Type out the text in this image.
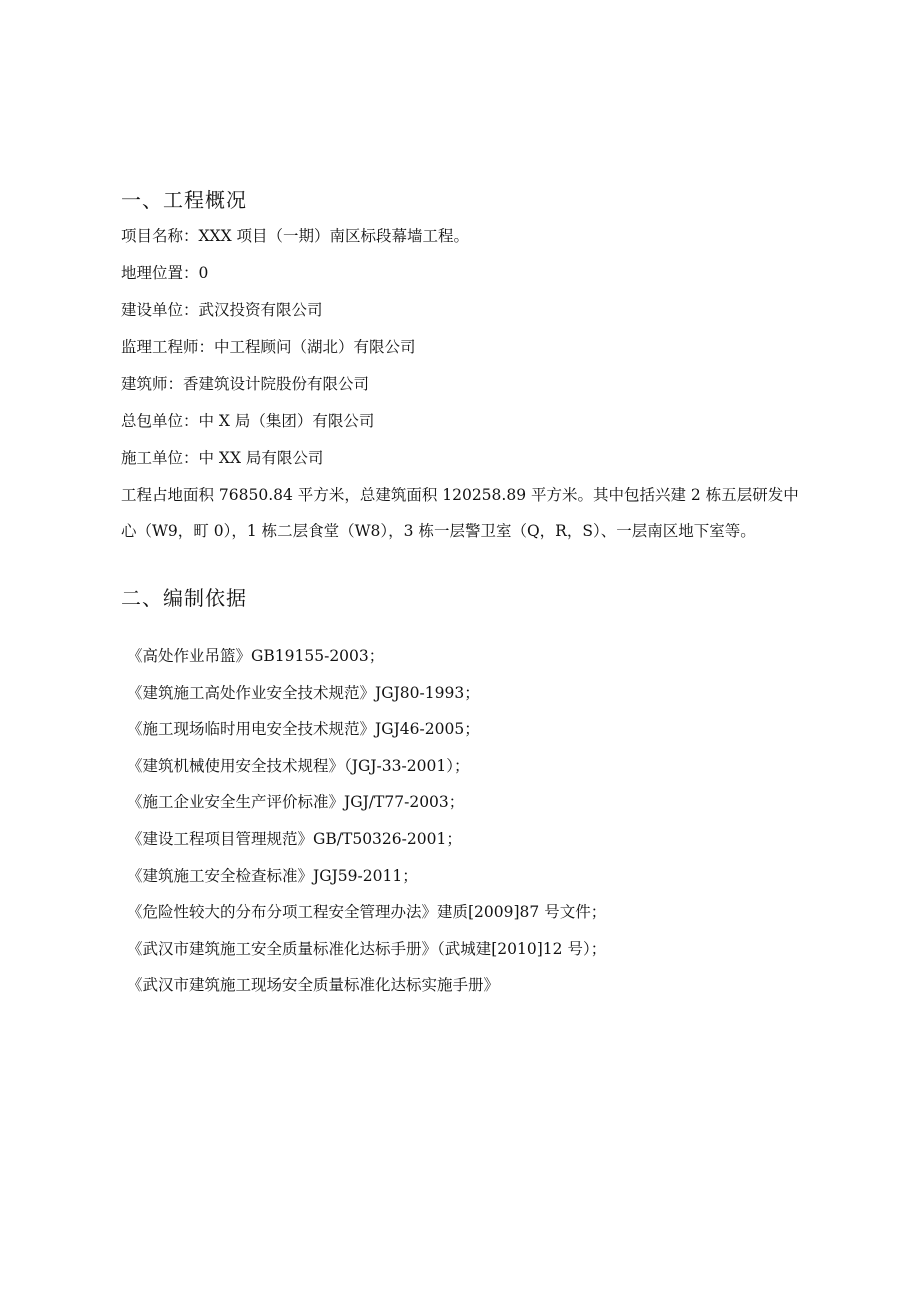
一、工程概况

项目名称：XXX 项目（一期）南区标段幕墙工程。

地理位置：0

建设单位：武汉投资有限公司

监理工程师：中工程顾问（湖北）有限公司

建筑师：香建筑设计院股份有限公司

总包单位：中 X 局（集团）有限公司

施工单位：中 XX 局有限公司

工程占地面积 76850.84 平方米，总建筑面积 120258.89 平方米。其中包括兴建 2 栋五层研发中心（W9，町 0），1 栋二层食堂（W8），3 栋一层警卫室（Q，R，S）、一层南区地下室等。

二、编制依据

《高处作业吊篮》GB19155-2003；

《建筑施工高处作业安全技术规范》JGJ80-1993；

《施工现场临时用电安全技术规范》JGJ46-2005；

《建筑机械使用安全技术规程》（JGJ-33-2001）；

《施工企业安全生产评价标准》JGJ/T77-2003；

《建设工程项目管理规范》GB/T50326-2001；

《建筑施工安全检查标准》JGJ59-2011；

《危险性较大的分布分项工程安全管理办法》建质[2009]87 号文件；

《武汉市建筑施工安全质量标准化达标手册》（武城建[2010]12 号）；

《武汉市建筑施工现场安全质量标准化达标实施手册》
